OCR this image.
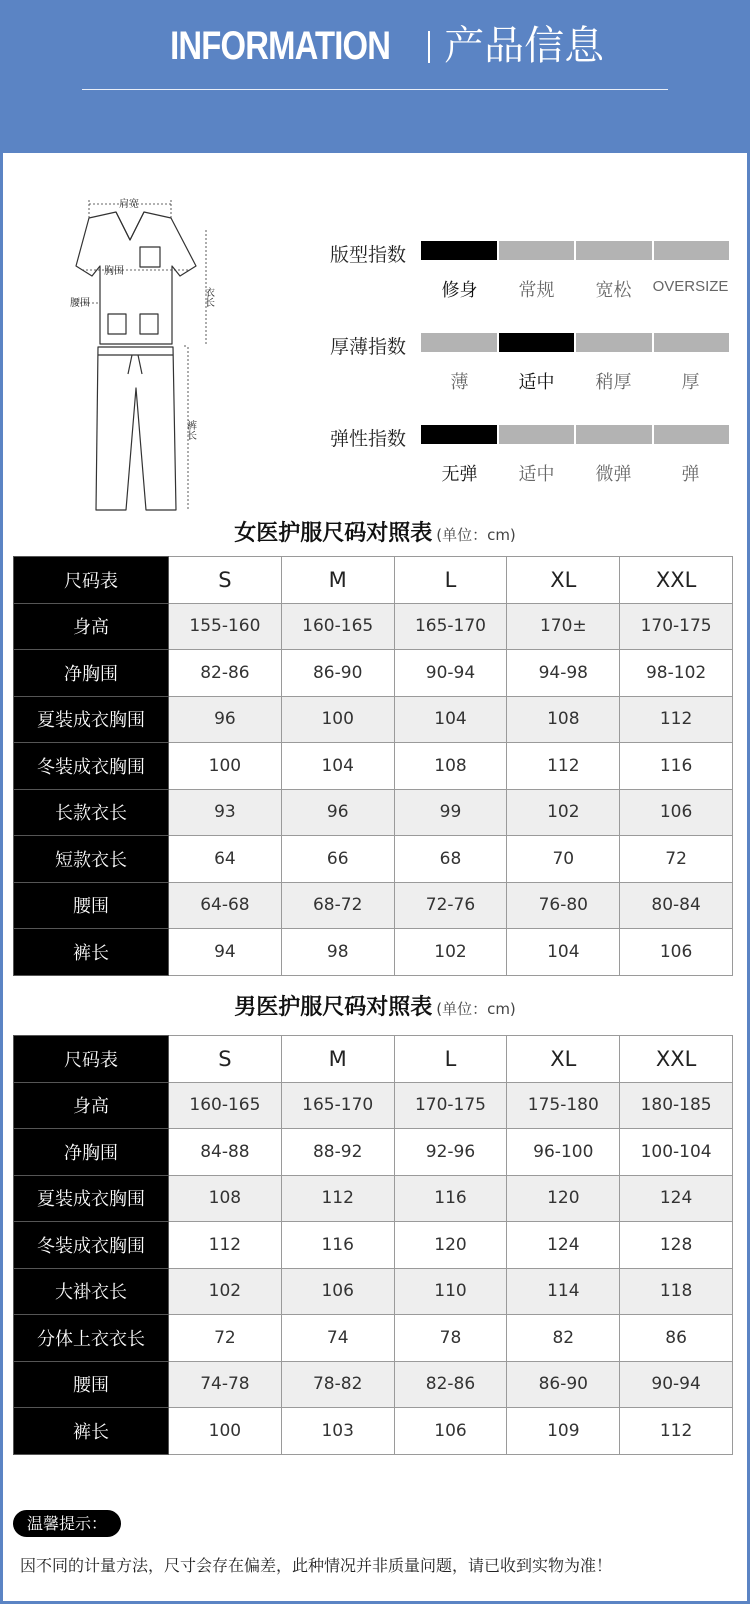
INFORMATION 产品信息
肩宽
胸围
腰围	衣长
裤长
版型指数
修身	常规	宽松	OVERSIZE
厚薄指数
薄	适中	稍厚	厚
弹性指数
无弹	适中	微弹	弹
女医护服尺码对照表 (单位：cm)
尺码表	S	M	L	XL	XXL
身高	155-160	160-165	165-170	170±	170-175
净胸围	82-86	86-90	90-94	94-98	98-102
夏装成衣胸围	96	100	104	108	112
冬装成衣胸围	100	104	108	112	116
长款衣长	93	96	99	102	106
短款衣长	64	66	68	70	72
腰围	64-68	68-72	72-76	76-80	80-84
裤长	94	98	102	104	106
男医护服尺码对照表 (单位：cm)
尺码表	S	M	L	XL	XXL
身高	160-165	165-170	170-175	175-180	180-185
净胸围	84-88	88-92	92-96	96-100	100-104
夏装成衣胸围	108	112	116	120	124
冬装成衣胸围	112	116	120	124	128
大褂衣长	102	106	110	114	118
分体上衣衣长	72	74	78	82	86
腰围	74-78	78-82	82-86	86-90	90-94
裤长	100	103	106	109	112
温馨提示：
因不同的计量方法，尺寸会存在偏差，此种情况并非质量问题，请已收到实物为准！
